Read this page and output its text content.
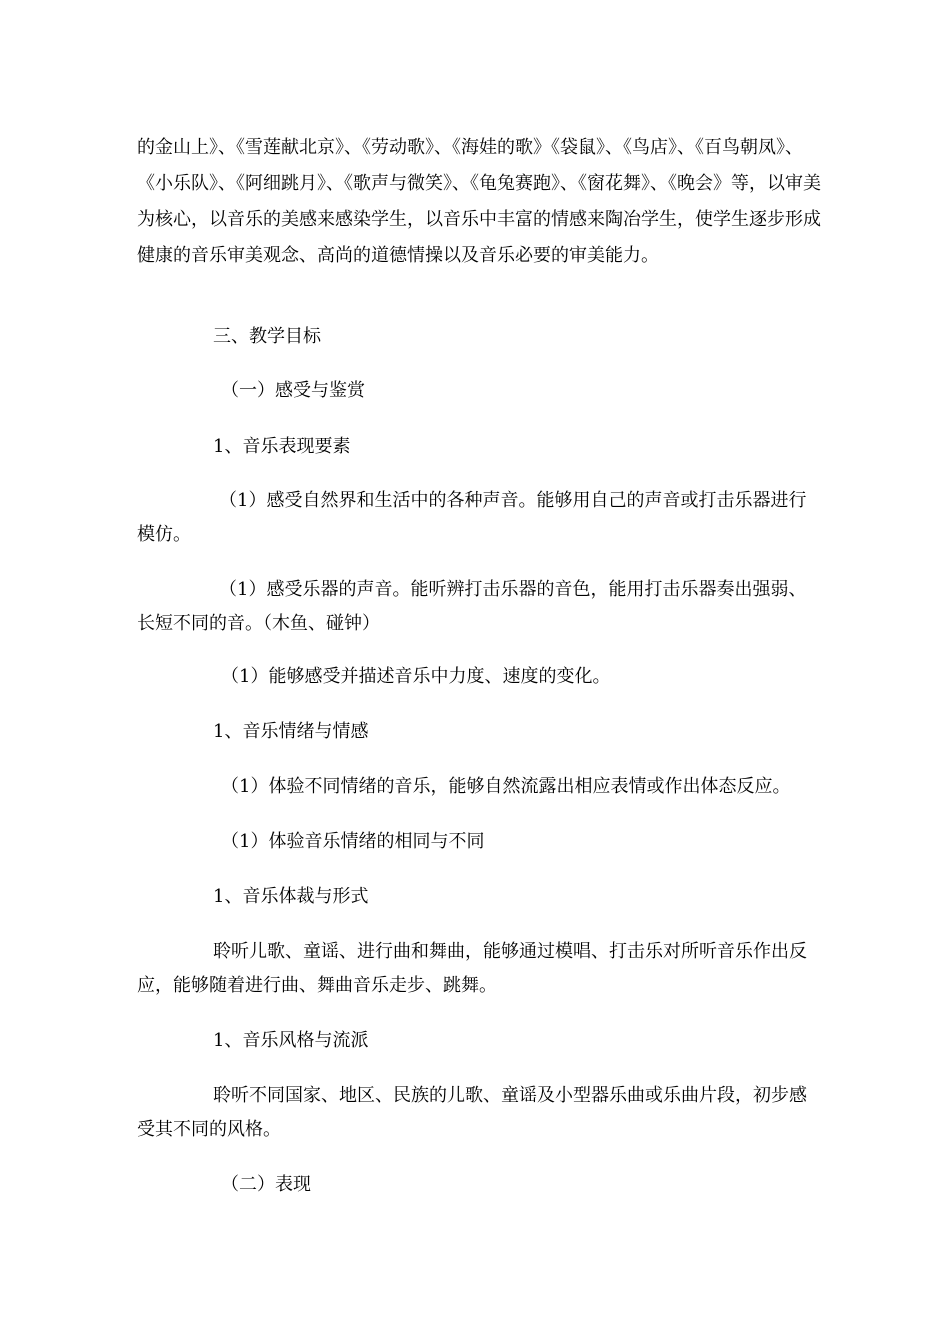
的金山上》、《雪莲献北京》、《劳动歌》、《海娃的歌》《袋鼠》、《鸟店》、《百鸟朝凤》、《小乐队》、《阿细跳月》、《歌声与微笑》、《龟兔赛跑》、《窗花舞》、《晚会》等，以审美为核心，以音乐的美感来感染学生，以音乐中丰富的情感来陶冶学生，使学生逐步形成健康的音乐审美观念、高尚的道德情操以及音乐必要的审美能力。

三、教学目标

（一）感受与鉴赏

1、音乐表现要素

（1）感受自然界和生活中的各种声音。能够用自己的声音或打击乐器进行模仿。

（1）感受乐器的声音。能听辨打击乐器的音色，能用打击乐器奏出强弱、长短不同的音。（木鱼、碰钟）

（1）能够感受并描述音乐中力度、速度的变化。

1、音乐情绪与情感

（1）体验不同情绪的音乐，能够自然流露出相应表情或作出体态反应。

（1）体验音乐情绪的相同与不同

1、音乐体裁与形式

聆听儿歌、童谣、进行曲和舞曲，能够通过模唱、打击乐对所听音乐作出反应，能够随着进行曲、舞曲音乐走步、跳舞。

1、音乐风格与流派

聆听不同国家、地区、民族的儿歌、童谣及小型器乐曲或乐曲片段，初步感受其不同的风格。

（二）表现
